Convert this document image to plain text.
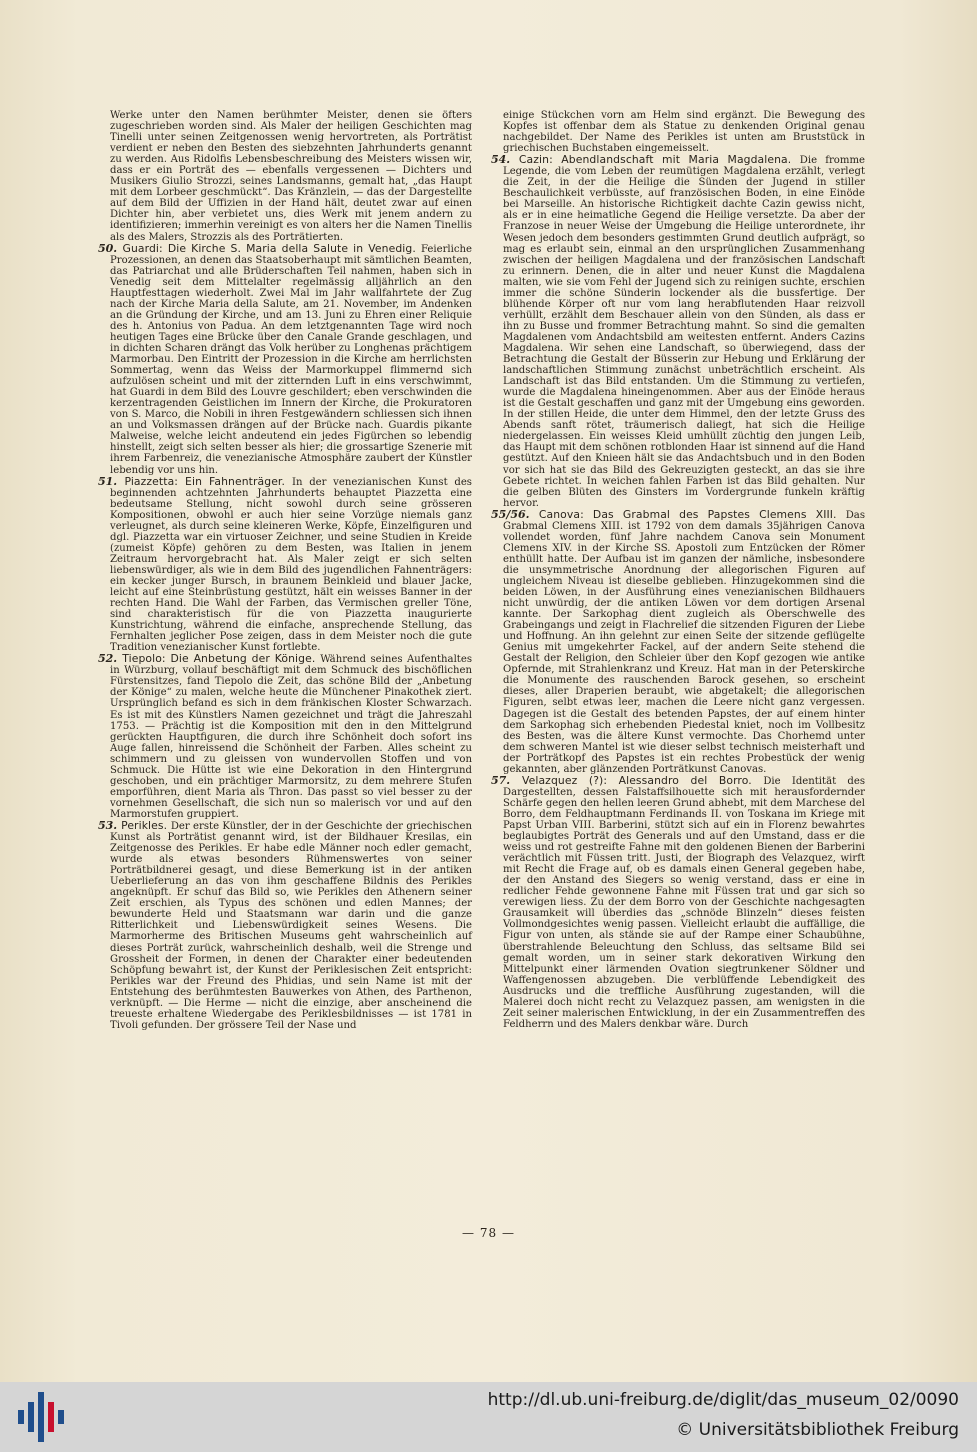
Werke unter den Namen berühmter Meister, denen sie öfters zugeschrieben worden sind. Als Maler der heiligen Geschichten mag Tinelli unter seinen Zeitgenossen wenig hervortreten, als Porträtist verdient er neben den Besten des siebzehnten Jahrhunderts genannt zu werden. Aus Ridolfis Lebensbeschreibung des Meisters wissen wir, dass er ein Porträt des — ebenfalls vergessenen — Dichters und Musikers Giulio Strozzi, seines Landsmanns, gemalt hat, „das Haupt mit dem Lorbeer geschmückt“. Das Kränzlein, — das der Dargestellte auf dem Bild der Uffizien in der Hand hält, deutet zwar auf einen Dichter hin, aber verbietet uns, dies Werk mit jenem andern zu identifizieren; immerhin vereinigt es von alters her die Namen Tinellis als des Malers, Strozzis als des Porträtierten.

50. Guardi: Die Kirche S. Maria della Salute in Venedig. Feierliche Prozessionen, an denen das Staatsoberhaupt mit sämtlichen Beamten, das Patriarchat und alle Brüderschaften Teil nahmen, haben sich in Venedig seit dem Mittelalter regelmässig alljährlich an den Hauptfesttagen wiederholt. Zwei Mal im Jahr wallfahrtete der Zug nach der Kirche Maria della Salute, am 21. November, im Andenken an die Gründung der Kirche, und am 13. Juni zu Ehren einer Reliquie des h. Antonius von Padua. An dem letztgenannten Tage wird noch heutigen Tages eine Brücke über den Canale Grande geschlagen, und in dichten Scharen drängt das Volk herüber zu Longhenas prächtigem Marmorbau. Den Eintritt der Prozession in die Kirche am herrlichsten Sommertag, wenn das Weiss der Marmorkuppel flimmernd sich aufzulösen scheint und mit der zitternden Luft in eins verschwimmt, hat Guardi in dem Bild des Louvre geschildert; eben verschwinden die kerzentragenden Geistlichen im Innern der Kirche, die Prokuratoren von S. Marco, die Nobili in ihren Festgewändern schliessen sich ihnen an und Volksmassen drängen auf der Brücke nach. Guardis pikante Malweise, welche leicht andeutend ein jedes Figürchen so lebendig hinstellt, zeigt sich selten besser als hier; die grossartige Szenerie mit ihrem Farbenreiz, die venezianische Atmosphäre zaubert der Künstler lebendig vor uns hin.

51. Piazzetta: Ein Fahnenträger. In der venezianischen Kunst des beginnenden achtzehnten Jahrhunderts behauptet Piazzetta eine bedeutsame Stellung, nicht sowohl durch seine grösseren Kompositionen, obwohl er auch hier seine Vorzüge niemals ganz verleugnet, als durch seine kleineren Werke, Köpfe, Einzelfiguren und dgl. Piazzetta war ein virtuoser Zeichner, und seine Studien in Kreide (zumeist Köpfe) gehören zu dem Besten, was Italien in jenem Zeitraum hervorgebracht hat. Als Maler zeigt er sich selten liebenswürdiger, als wie in dem Bild des jugendlichen Fahnenträgers: ein kecker junger Bursch, in braunem Beinkleid und blauer Jacke, leicht auf eine Steinbrüstung gestützt, hält ein weisses Banner in der rechten Hand. Die Wahl der Farben, das Vermischen greller Töne, sind charakteristisch für die von Piazzetta inaugurierte Kunstrichtung, während die einfache, ansprechende Stellung, das Fernhalten jeglicher Pose zeigen, dass in dem Meister noch die gute Tradition venezianischer Kunst fortlebte.

52. Tiepolo: Die Anbetung der Könige. Während seines Aufenthaltes in Würzburg, vollauf beschäftigt mit dem Schmuck des bischöflichen Fürstensitzes, fand Tiepolo die Zeit, das schöne Bild der „Anbetung der Könige“ zu malen, welche heute die Münchener Pinakothek ziert. Ursprünglich befand es sich in dem fränkischen Kloster Schwarzach. Es ist mit des Künstlers Namen gezeichnet und trägt die Jahreszahl 1753. — Prächtig ist die Komposition mit den in den Mittelgrund gerückten Hauptfiguren, die durch ihre Schönheit doch sofort ins Auge fallen, hinreissend die Schönheit der Farben. Alles scheint zu schimmern und zu gleissen von wundervollen Stoffen und von Schmuck. Die Hütte ist wie eine Dekoration in den Hintergrund geschoben, und ein prächtiger Marmorsitz, zu dem mehrere Stufen emporführen, dient Maria als Thron. Das passt so viel besser zu der vornehmen Gesellschaft, die sich nun so malerisch vor und auf den Marmorstufen gruppiert.

53. Perikles. Der erste Künstler, der in der Geschichte der griechischen Kunst als Porträtist genannt wird, ist der Bildhauer Kresilas, ein Zeitgenosse des Perikles. Er habe edle Männer noch edler gemacht, wurde als etwas besonders Rühmenswertes von seiner Porträtbildnerei gesagt, und diese Bemerkung ist in der antiken Ueberlieferung an das von ihm geschaffene Bildnis des Perikles angeknüpft. Er schuf das Bild so, wie Perikles den Athenern seiner Zeit erschien, als Typus des schönen und edlen Mannes; der bewunderte Held und Staatsmann war darin und die ganze Ritterlichkeit und Liebenswürdigkeit seines Wesens. Die Marmorherme des Britischen Museums geht wahrscheinlich auf dieses Porträt zurück, wahrscheinlich deshalb, weil die Strenge und Grossheit der Formen, in denen der Charakter einer bedeutenden Schöpfung bewahrt ist, der Kunst der Periklesischen Zeit entspricht: Perikles war der Freund des Phidias, und sein Name ist mit der Entstehung des berühmtesten Bauwerkes von Athen, des Parthenon, verknüpft. — Die Herme — nicht die einzige, aber anscheinend die treueste erhaltene Wiedergabe des Periklesbildnisses — ist 1781 in Tivoli gefunden. Der grössere Teil der Nase und

einige Stückchen vorn am Helm sind ergänzt. Die Bewegung des Kopfes ist offenbar dem als Statue zu denkenden Original genau nachgebildet. Der Name des Perikles ist unten am Bruststück in griechischen Buchstaben eingemeisselt.

54. Cazin: Abendlandschaft mit Maria Magdalena. Die fromme Legende, die vom Leben der reumütigen Magdalena erzählt, verlegt die Zeit, in der die Heilige die Sünden der Jugend in stiller Beschaulichkeit verbüsste, auf französischen Boden, in eine Einöde bei Marseille. An historische Richtigkeit dachte Cazin gewiss nicht, als er in eine heimatliche Gegend die Heilige versetzte. Da aber der Franzose in neuer Weise der Umgebung die Heilige unterordnete, ihr Wesen jedoch dem besonders gestimmten Grund deutlich aufprägt, so mag es erlaubt sein, einmal an den ursprünglichen Zusammenhang zwischen der heiligen Magdalena und der französischen Landschaft zu erinnern. Denen, die in alter und neuer Kunst die Magdalena malten, wie sie vom Fehl der Jugend sich zu reinigen suchte, erschien immer die schöne Sünderin lockender als die bussfertige. Der blühende Körper oft nur vom lang herabflutenden Haar reizvoll verhüllt, erzählt dem Beschauer allein von den Sünden, als dass er ihn zu Busse und frommer Betrachtung mahnt. So sind die gemalten Magdalenen vom Andachtsbild am weitesten entfernt. Anders Cazins Magdalena. Wir sehen eine Landschaft, so überwiegend, dass der Betrachtung die Gestalt der Büsserin zur Hebung und Erklärung der landschaftlichen Stimmung zunächst unbeträchtlich erscheint. Als Landschaft ist das Bild entstanden. Um die Stimmung zu vertiefen, wurde die Magdalena hineingenommen. Aber aus der Einöde heraus ist die Gestalt geschaffen und ganz mit der Umgebung eins geworden. In der stillen Heide, die unter dem Himmel, den der letzte Gruss des Abends sanft rötet, träumerisch daliegt, hat sich die Heilige niedergelassen. Ein weisses Kleid umhüllt züchtig den jungen Leib, das Haupt mit dem schönen rotblonden Haar ist sinnend auf die Hand gestützt. Auf den Knieen hält sie das Andachtsbuch und in den Boden vor sich hat sie das Bild des Gekreuzigten gesteckt, an das sie ihre Gebete richtet. In weichen fahlen Farben ist das Bild gehalten. Nur die gelben Blüten des Ginsters im Vordergrunde funkeln kräftig hervor.

55/56. Canova: Das Grabmal des Papstes Clemens XIII. Das Grabmal Clemens XIII. ist 1792 von dem damals 35jährigen Canova vollendet worden, fünf Jahre nachdem Canova sein Monument Clemens XIV. in der Kirche SS. Apostoli zum Entzücken der Römer enthüllt hatte. Der Aufbau ist im ganzen der nämliche, insbesondere die unsymmetrische Anordnung der allegorischen Figuren auf ungleichem Niveau ist dieselbe geblieben. Hinzugekommen sind die beiden Löwen, in der Ausführung eines venezianischen Bildhauers nicht unwürdig, der die antiken Löwen vor dem dortigen Arsenal kannte. Der Sarkophag dient zugleich als Oberschwelle des Grabeingangs und zeigt in Flachrelief die sitzenden Figuren der Liebe und Hoffnung. An ihn gelehnt zur einen Seite der sitzende geflügelte Genius mit umgekehrter Fackel, auf der andern Seite stehend die Gestalt der Religion, den Schleier über den Kopf gezogen wie antike Opfernde, mit Strahlenkranz und Kreuz. Hat man in der Peterskirche die Monumente des rauschenden Barock gesehen, so erscheint dieses, aller Draperien beraubt, wie abgetakelt; die allegorischen Figuren, selbt etwas leer, machen die Leere nicht ganz vergessen. Dagegen ist die Gestalt des betenden Papstes, der auf einem hinter dem Sarkophag sich erhebenden Piedestal kniet, noch im Vollbesitz des Besten, was die ältere Kunst vermochte. Das Chorhemd unter dem schweren Mantel ist wie dieser selbst technisch meisterhaft und der Porträtkopf des Papstes ist ein rechtes Probestück der wenig gekannten, aber glänzenden Porträtkunst Canovas.

57. Velazquez (?): Alessandro del Borro. Die Identität des Dargestellten, dessen Falstaffsilhouette sich mit herausfordernder Schärfe gegen den hellen leeren Grund abhebt, mit dem Marchese del Borro, dem Feldhauptmann Ferdinands II. von Toskana im Kriege mit Papst Urban VIII. Barberini, stützt sich auf ein in Florenz bewahrtes beglaubigtes Porträt des Generals und auf den Umstand, dass er die weiss und rot gestreifte Fahne mit den goldenen Bienen der Barberini verächtlich mit Füssen tritt. Justi, der Biograph des Velazquez, wirft mit Recht die Frage auf, ob es damals einen General gegeben habe, der den Anstand des Siegers so wenig verstand, dass er eine in redlicher Fehde gewonnene Fahne mit Füssen trat und gar sich so verewigen liess. Zu der dem Borro von der Geschichte nachgesagten Grausamkeit will überdies das „schnöde Blinzeln“ dieses feisten Vollmondgesichtes wenig passen. Vielleicht erlaubt die auffällige, die Figur von unten, als stände sie auf der Rampe einer Schaubühne, überstrahlende Beleuchtung den Schluss, das seltsame Bild sei gemalt worden, um in seiner stark dekorativen Wirkung den Mittelpunkt einer lärmenden Ovation siegtrunkener Söldner und Waffengenossen abzugeben. Die verblüffende Lebendigkeit des Ausdrucks und die treffliche Ausführung zugestanden, will die Malerei doch nicht recht zu Velazquez passen, am wenigsten in die Zeit seiner malerischen Entwicklung, in der ein Zusammentreffen des Feldherrn und des Malers denkbar wäre. Durch

— 78 —
http://dl.ub.uni-freiburg.de/diglit/das_museum_02/0090
© Universitätsbibliothek Freiburg
